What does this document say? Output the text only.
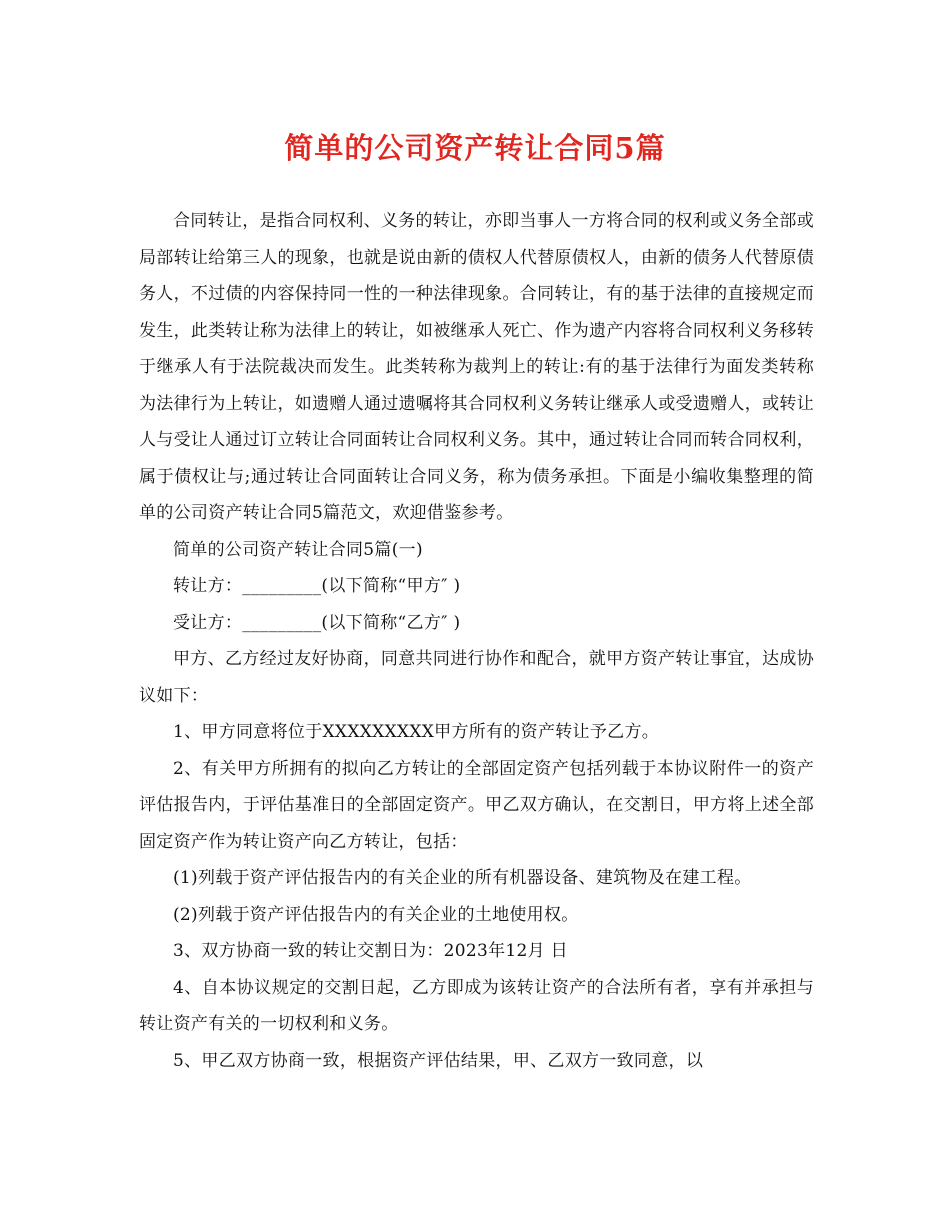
简单的公司资产转让合同5篇

合同转让，是指合同权利、义务的转让，亦即当事人一方将合同的权利或义务全部或局部转让给第三人的现象，也就是说由新的债权人代替原债权人，由新的债务人代替原债务人，不过债的内容保持同一性的一种法律现象。合同转让，有的基于法律的直接规定而发生，此类转让称为法律上的转让，如被继承人死亡、作为遗产内容将合同权利义务移转于继承人有于法院裁决而发生。此类转称为裁判上的转让:有的基于法律行为面发类转称为法律行为上转让，如遗赠人通过遗嘱将其合同权利义务转让继承人或受遗赠人，或转让人与受让人通过订立转让合同面转让合同权利义务。其中，通过转让合同而转合同权利，属于债权让与;通过转让合同面转让合同义务，称为债务承担。下面是小编收集整理的简单的公司资产转让合同5篇范文，欢迎借鉴参考。

简单的公司资产转让合同5篇(一)

转让方：_________(以下简称“甲方″ )

受让方：_________(以下简称“乙方″ )

甲方、乙方经过友好协商，同意共同进行协作和配合，就甲方资产转让事宜，达成协议如下：

1、甲方同意将位于XXXXXXXXX甲方所有的资产转让予乙方。

2、有关甲方所拥有的拟向乙方转让的全部固定资产包括列载于本协议附件一的资产评估报告内，于评估基准日的全部固定资产。甲乙双方确认，在交割日，甲方将上述全部固定资产作为转让资产向乙方转让，包括：

(1)列载于资产评估报告内的有关企业的所有机器设备、建筑物及在建工程。

(2)列载于资产评估报告内的有关企业的土地使用权。

3、双方协商一致的转让交割日为：2023年12月 日

4、自本协议规定的交割日起，乙方即成为该转让资产的合法所有者，享有并承担与转让资产有关的一切权利和义务。

5、甲乙双方协商一致，根据资产评估结果，甲、乙双方一致同意，以
